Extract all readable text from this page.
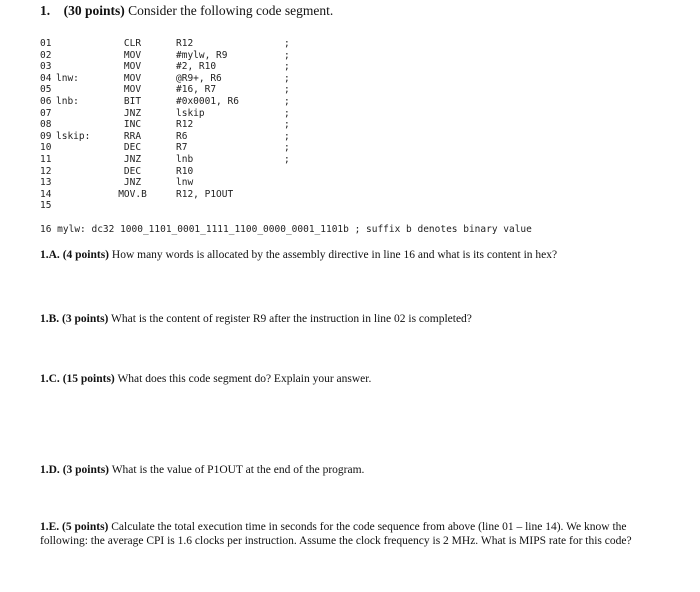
1. (30 points) Consider the following code segment.
01	CLR	R12	;
02	MOV	#mylw, R9	;
03	MOV	#2, R10	;
04 lnw:	MOV	@R9+, R6	;
05	MOV	#16, R7	;
06 lnb:	BIT	#0x0001, R6	;
07	JNZ	lskip	;
08	INC	R12	;
09 lskip:	RRA	R6	;
10	DEC	R7	;
11	JNZ	lnb	;
12	DEC	R10
13	JNZ	lnw
14	MOV.B	R12, P1OUT
15
16 mylw: dc32 1000_1101_0001_1111_1100_0000_0001_1101b ; suffix b denotes binary value
1.A. (4 points) How many words is allocated by the assembly directive in line 16 and what is its content in hex?
1.B. (3 points) What is the content of register R9 after the instruction in line 02 is completed?
1.C. (15 points) What does this code segment do? Explain your answer.
1.D. (3 points) What is the value of P1OUT at the end of the program.
1.E. (5 points) Calculate the total execution time in seconds for the code sequence from above (line 01 – line 14). We know the following: the average CPI is 1.6 clocks per instruction. Assume the clock frequency is 2 MHz. What is MIPS rate for this code?
